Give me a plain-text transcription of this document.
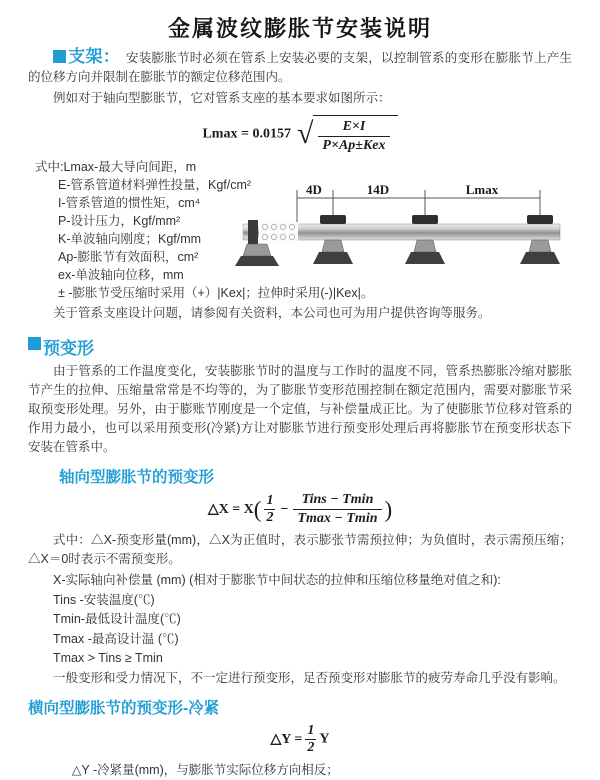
金属波纹膨胀节安装说明

支架： 安装膨胀节时必须在管系上安装必要的支架，以控制管系的变形在膨胀节上产生的位移方向并限制在膨胀节的额定位移范围内。

例如对于轴向型膨胀节，它对管系支座的基本要求如图所示：

Lmax = 0.0157 √ $\frac{E\times I}{\text{P×Ap±Kex}}$
式中:Lmax-最大导向间距，m
E-管系管道材料弹性投量，Kgf/cm²
I-管系管道的惯性矩，cm⁴
P-设计压力，Kgf/mm²
K-单波轴向刚度；Kgf/mm
Ap-膨胀节有效面积，cm²
ex-单波轴向位移，mm
± -膨胀节受压缩时采用（+）|Kex|；拉伸时采用(-)|Kex|。
4D	14D	Lmax

关于管系支座设计问题，请参阅有关资料，本公司也可为用户提供咨询等服务。

预变形

由于管系的工作温度变化，安装膨胀节时的温度与工作时的温度不同，管系热膨胀冷缩对膨胀节产生的拉伸、压缩量常常是不均等的，为了膨胀节变形范围控制在额定范围内，需要对膨胀节采取预变形处理。另外，由于膨账节刚度是一个定值，与补偿量成正比。为了使膨胀节位移对管系的作用力最小，也可以采用预变形(冷紧)方让对膨胀节进行预变形处理后再将膨胀节在预变形状态下安装在管系中。

轴向型膨胀节的预变形
△X = $X( \frac{1}{2} - \frac{\text{Tins − Tmin}}{Tmax - Tmin}$ )

式中：△X-预变形量(mm)，△X为正值时，表示膨张节需预拉伸；为负值时，表示需预压缩；△X＝0时表示不需预变形。

X-实际轴向补偿量 (mm) (相对于膨胀节中间状态的拉伸和压缩位移量绝对值之和):
Tins -安装温度(℃)
Tmin-最低设计温度(℃)
Tmax -最高设计温 (℃)
Tmax > Tins ≥ Tmin
一般变形和受力情况下，不一定进行预变形，足否预变形对膨胀节的疲劳寿命几乎没有影响。
横向型膨胀节的预变形-冷紧
△Y = $\frac{1}{2}$ Y

△Y -冷紧量(mm)，与膨胀节实际位移方向相反；
